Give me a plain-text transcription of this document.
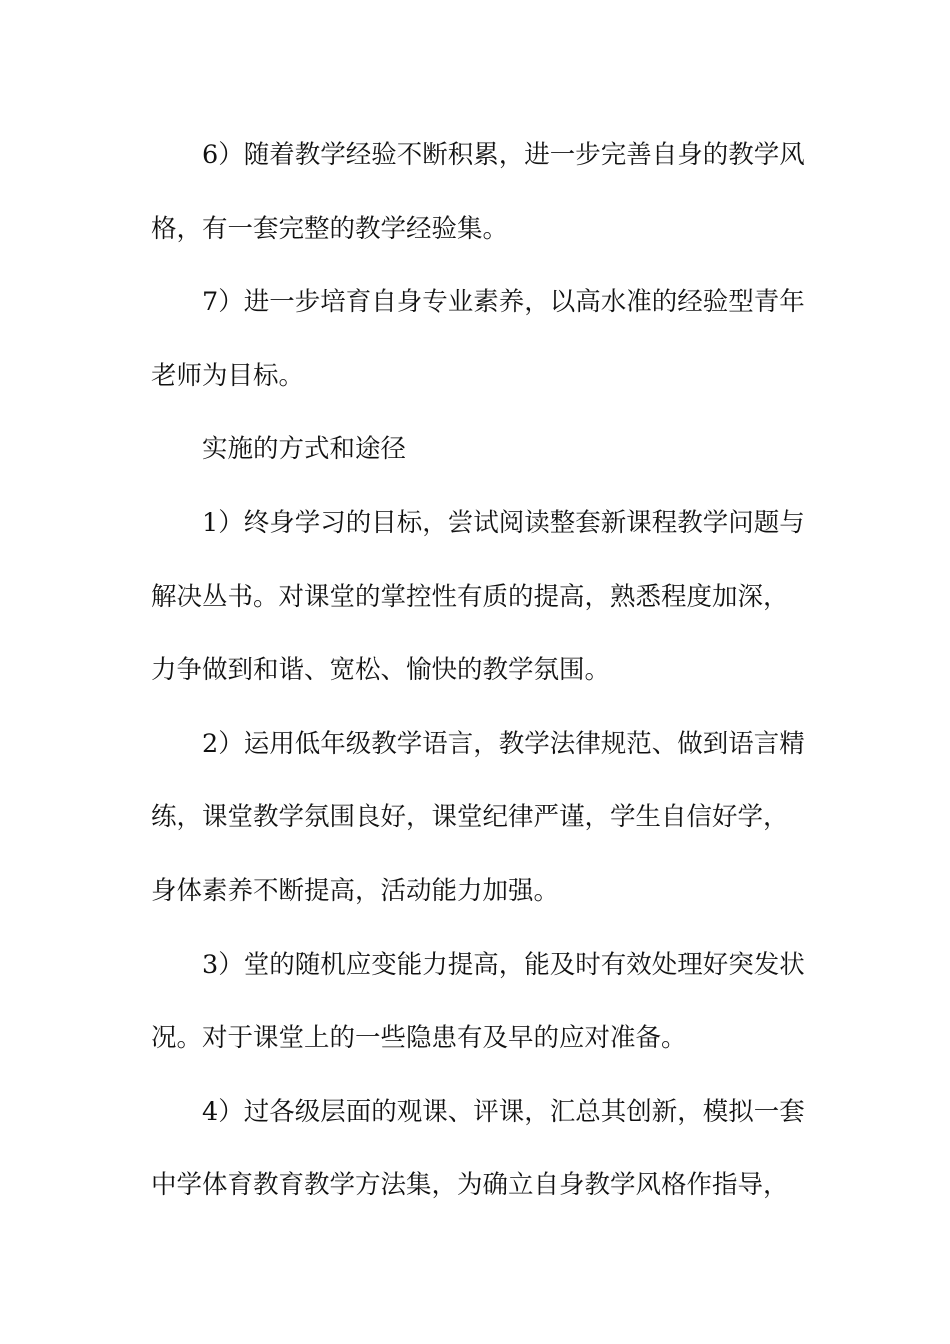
6）随着教学经验不断积累，进一步完善自身的教学风
格，有一套完整的教学经验集。
7）进一步培育自身专业素养，以高水准的经验型青年
老师为目标。
实施的方式和途径
1）终身学习的目标，尝试阅读整套新课程教学问题与
解决丛书。对课堂的掌控性有质的提高，熟悉程度加深，
力争做到和谐、宽松、愉快的教学氛围。
2）运用低年级教学语言，教学法律规范、做到语言精
练，课堂教学氛围良好，课堂纪律严谨，学生自信好学，
身体素养不断提高，活动能力加强。
3）堂的随机应变能力提高，能及时有效处理好突发状
况。对于课堂上的一些隐患有及早的应对准备。
4）过各级层面的观课、评课，汇总其创新，模拟一套
中学体育教育教学方法集，为确立自身教学风格作指导，
